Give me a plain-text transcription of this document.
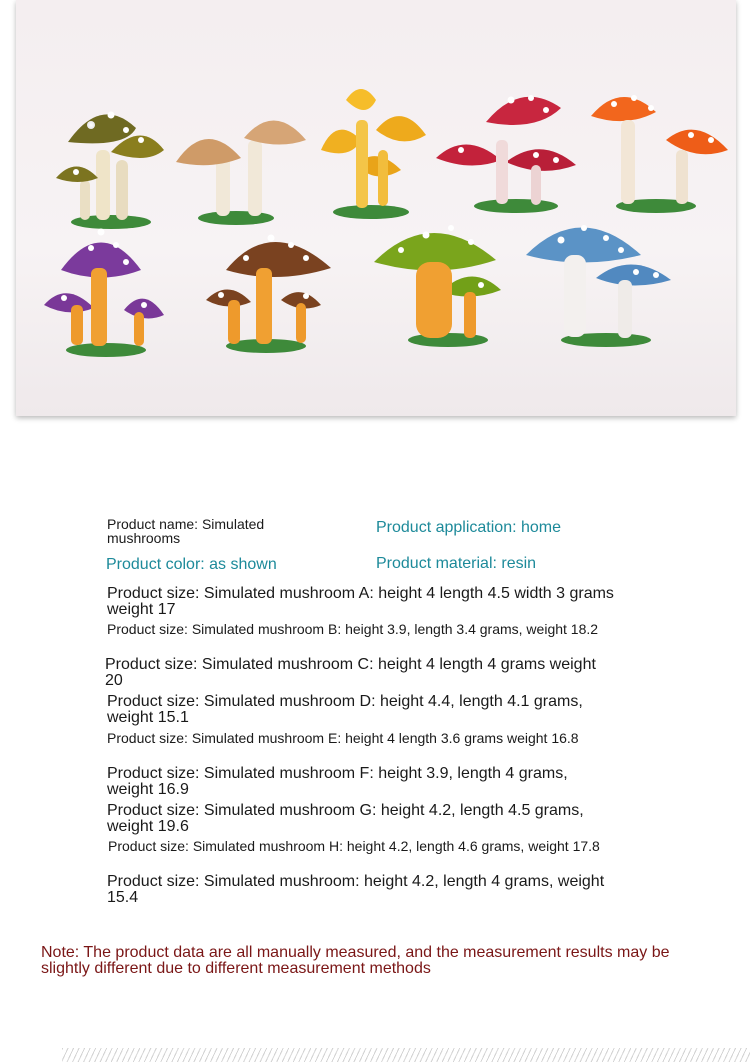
Product name: Simulated mushrooms
Product application: home
Product color: as shown	Product material: resin
Product size: Simulated mushroom A: height 4 length 4.5 width 3 grams weight 17
Product size: Simulated mushroom B: height 3.9, length 3.4 grams, weight 18.2
Product size: Simulated mushroom C: height 4 length 4 grams weight 20
Product size: Simulated mushroom D: height 4.4, length 4.1 grams, weight 15.1
Product size: Simulated mushroom E: height 4 length 3.6 grams weight 16.8
Product size: Simulated mushroom F: height 3.9, length 4 grams, weight 16.9
Product size: Simulated mushroom G: height 4.2, length 4.5 grams, weight 19.6
Product size: Simulated mushroom H: height 4.2, length 4.6 grams, weight 17.8
Product size: Simulated mushroom: height 4.2, length 4 grams, weight 15.4
Note: The product data are all manually measured, and the measurement results may be slightly different due to different measurement methods
